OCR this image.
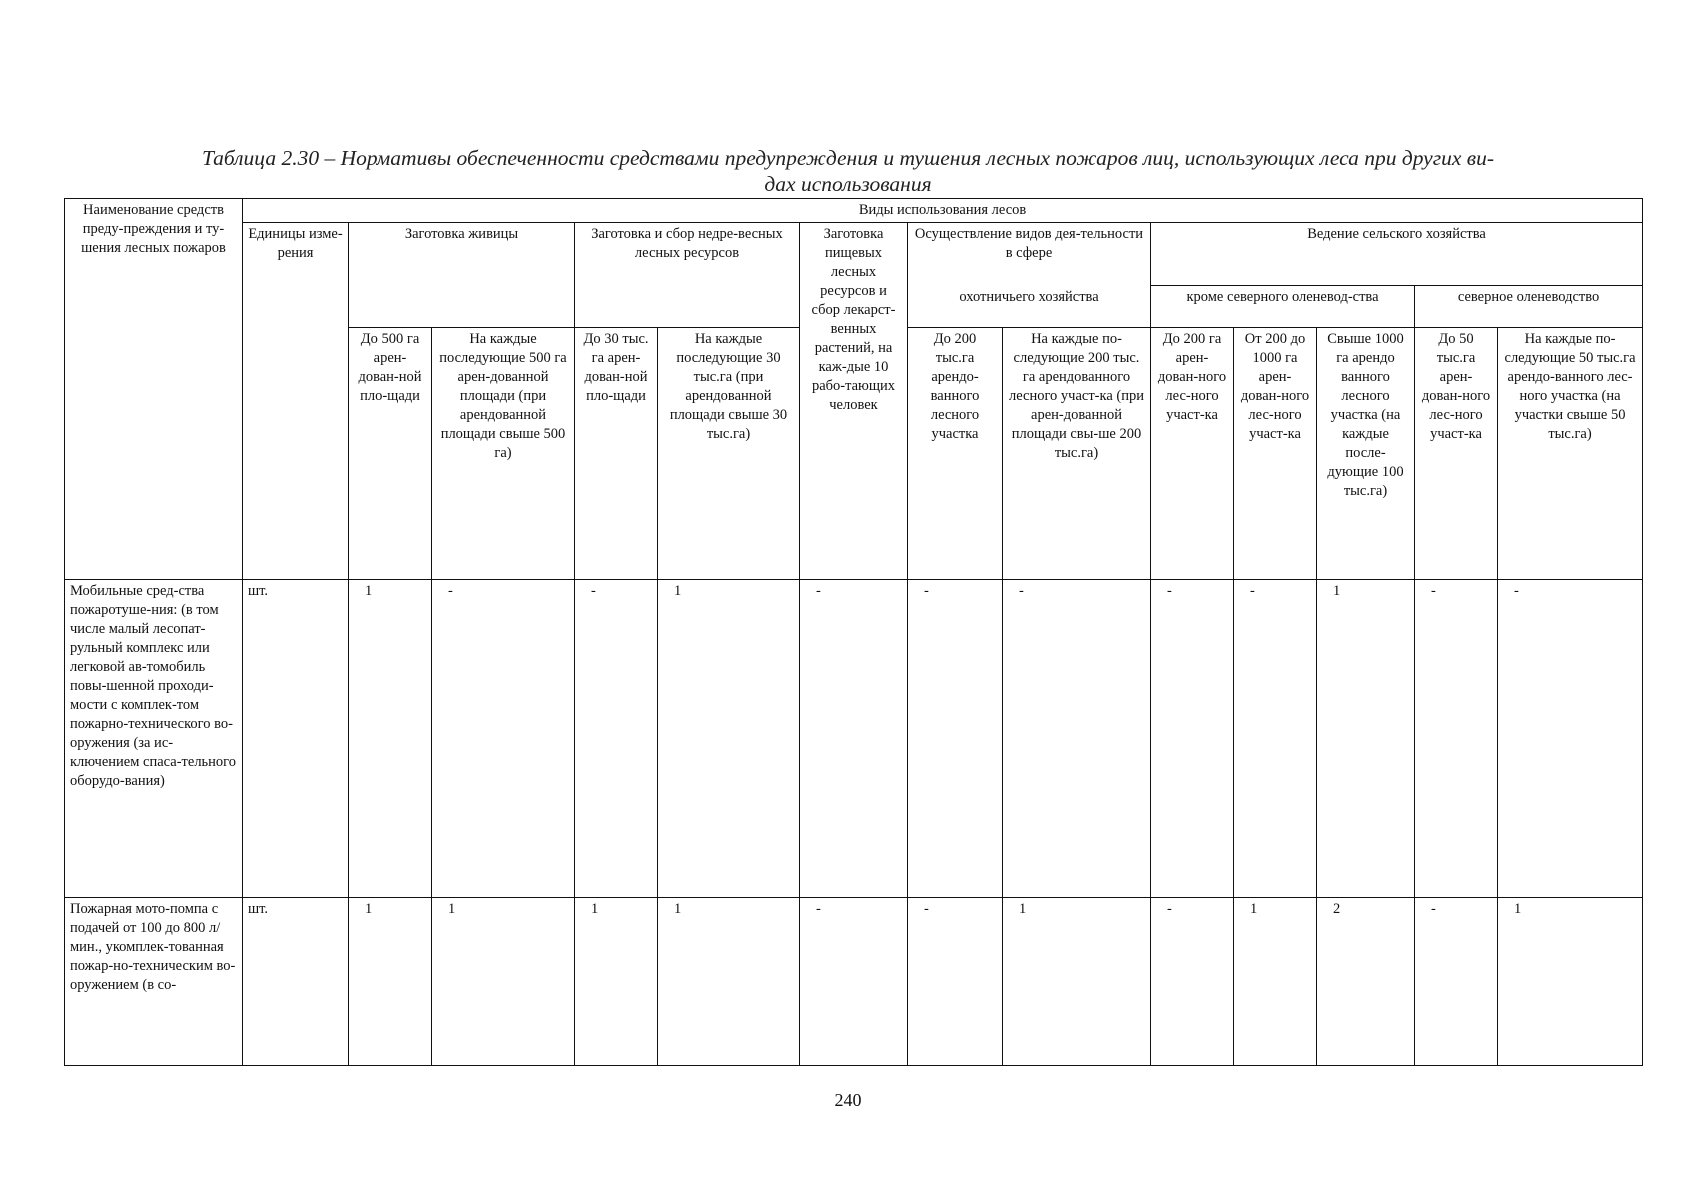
Таблица 2.30 – Нормативы обеспеченности средствами предупреждения и тушения лесных пожаров лиц, использующих леса при других ви-
дах использования
Наименование средств преду-преждения и ту-шения лесных пожаров	Виды использования лесов												
	Единицы изме-рения	Заготовка живицы		Заготовка и сбор недре-весных лесных ресурсов		Заготовка пищевых лесных ресурсов и сбор лекарст-венных растений, на каж-дые 10 рабо-тающих человек	Осуществление видов дея-тельности в сфере		Ведение сельского хозяйства				
							охотничьего хозяйства		кроме северного оленевод-ства			северное оленеводство	
		До 500 га арен-дован-ной пло-щади	На каждые последующие 500 га арен-дованной площади (при арендованной площади свыше 500 га)	До 30 тыс. га арен-дован-ной пло-щади	На каждые последующие 30 тыс.га (при арендованной площади свыше 30 тыс.га)		До 200 тыс.га арендо-ванного лесного участка	На каждые по-следующие 200 тыс. га арендованного лесного участ-ка (при арен-дованной площади свы-ше 200 тыс.га)	До 200 га арен-дован-ного лес-ного участ-ка	От 200 до 1000 га арен-дован-ного лес-ного участ-ка	Свыше 1000 га арендо ванного лесного участка (на каждые после-дующие 100 тыс.га)	До 50 тыс.га арен-дован-ного лес-ного участ-ка	На каждые по-следующие 50 тыс.га арендо-ванного лес-ного участка (на участки свыше 50 тыс.га)
Мобильные сред-ства пожаротуше-ния: (в том числе малый лесопат-рульный комплекс или легковой ав-томобиль повы-шенной проходи-мости с комплек-том пожарно-технического во-оружения (за ис-ключением спаса-тельного оборудо-вания)	шт.	1	-	-	1	-	-	-	-	-	1	-	-
Пожарная мото-помпа с подачей от 100 до 800 л/мин., укомплек-тованная пожар-но-техническим во-оружением (в со-	шт.	1	1	1	1	-	-	1	-	1	2	-	1
240
